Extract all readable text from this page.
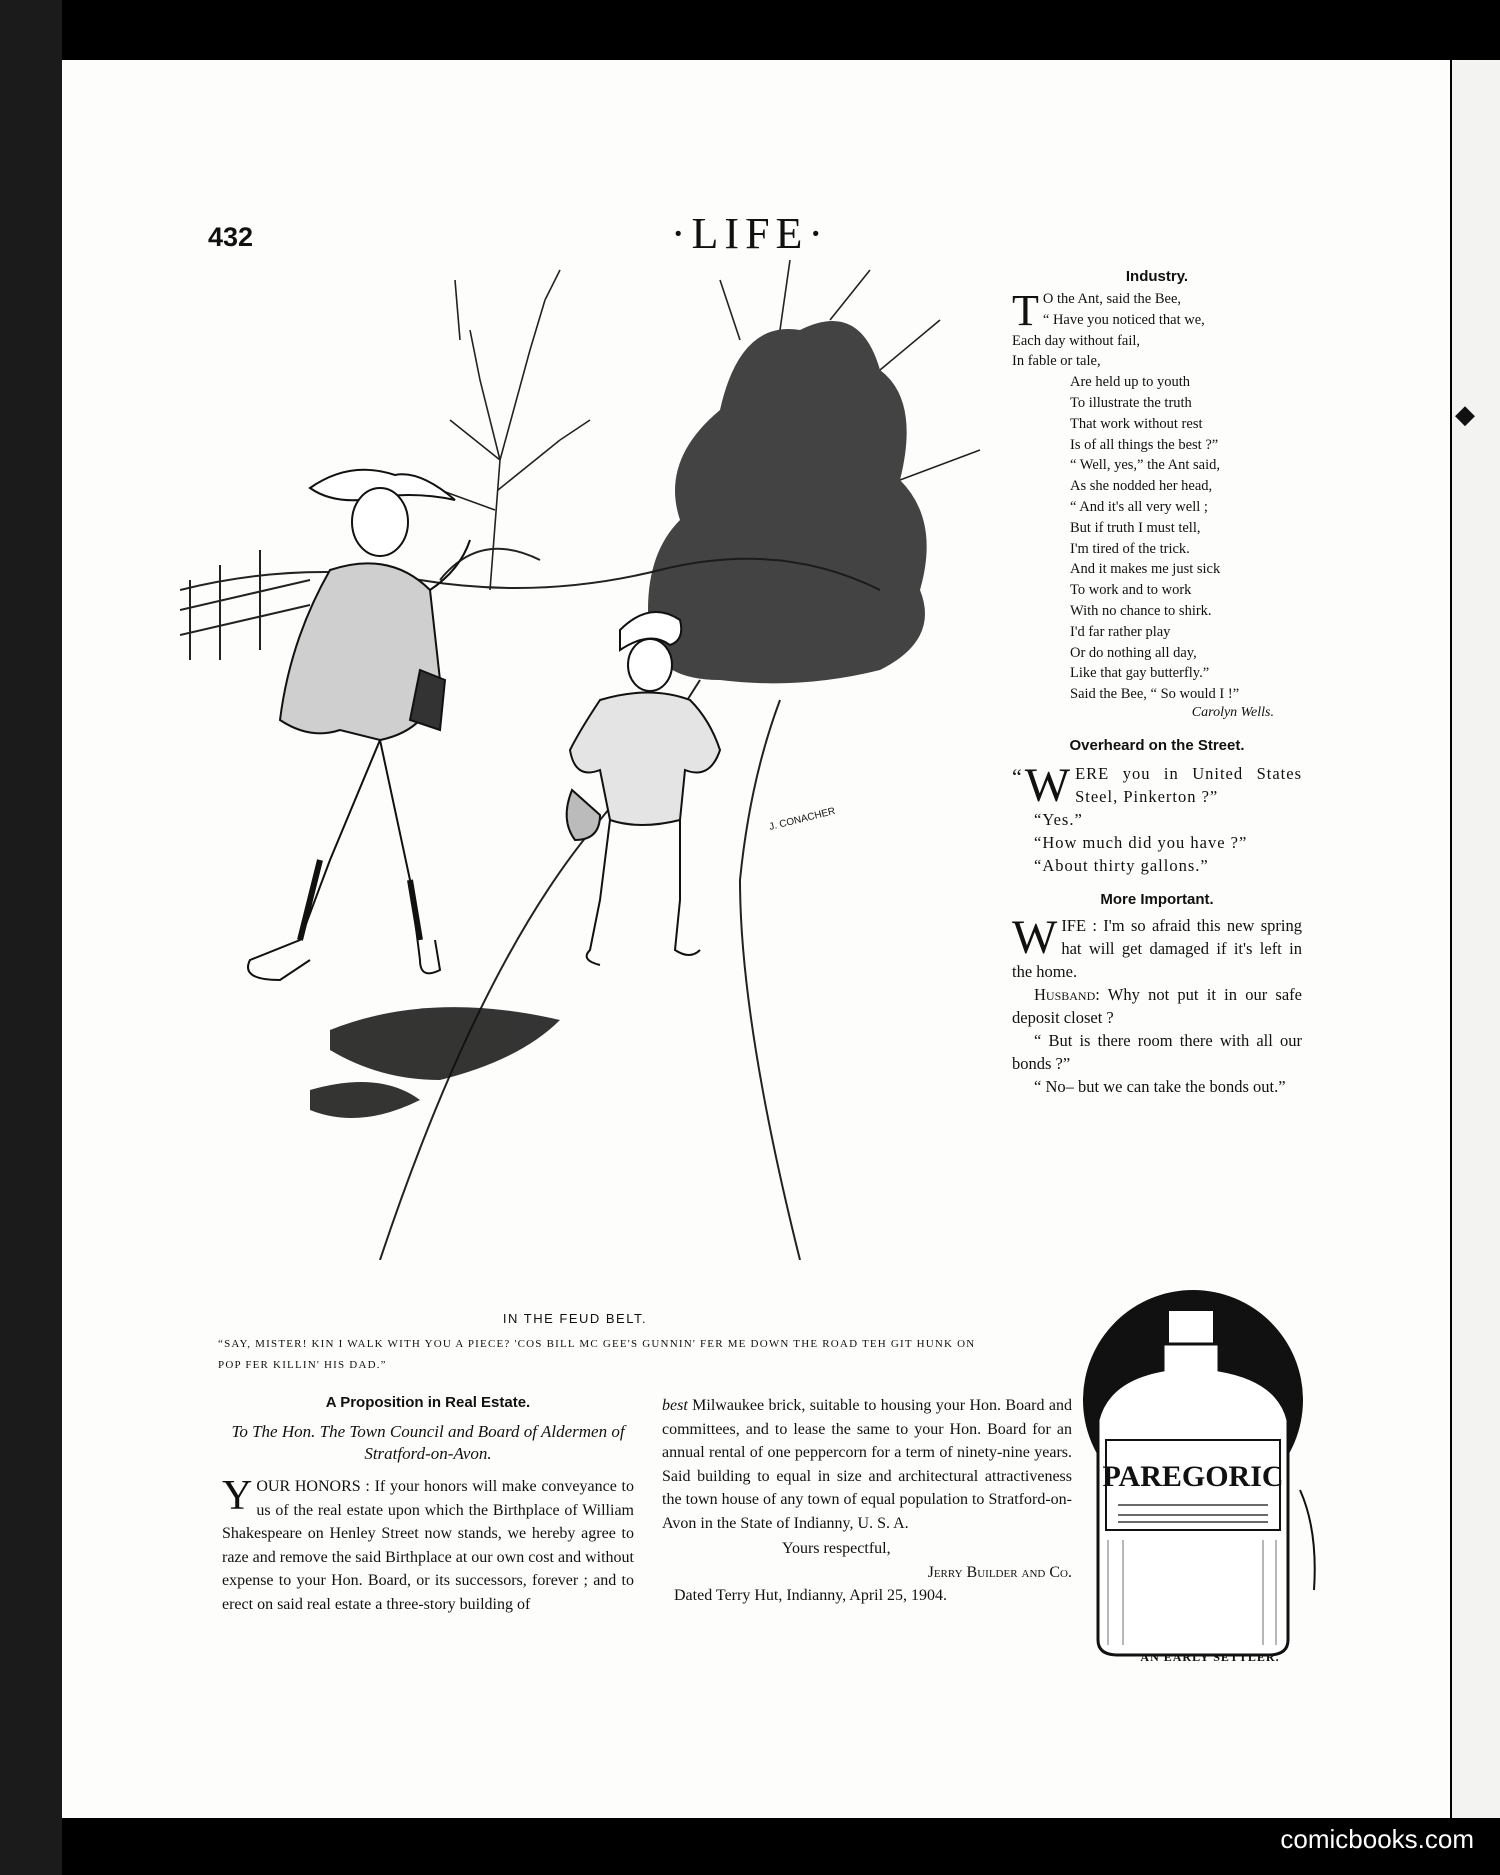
◆
432	·LIFE·
J. CONACHER
IN THE FEUD BELT.
“SAY, MISTER! KIN I WALK WITH YOU A PIECE? 'COS BILL MC GEE'S GUNNIN' FER ME DOWN THE ROAD TEH GIT HUNK ON POP FER KILLIN' HIS DAD.”
Industry.
T O the Ant, said the Bee,
“ Have you noticed that we,
Each day without fail,
In fable or tale,
Are held up to youth
To illustrate the truth
That work without rest
Is of all things the best ?”
“ Well, yes,” the Ant said,
As she nodded her head,
“ And it's all very well ;
But if truth I must tell,
I'm tired of the trick.
And it makes me just sick
To work and to work
With no chance to shirk.
I'd far rather play
Or do nothing all day,
Like that gay butterfly.”
Said the Bee, “ So would I !”
Carolyn Wells.
Overheard on the Street.

“ W ERE you in United States Steel, Pinkerton ?”

“Yes.”

“How much did you have ?”

“About thirty gallons.”

More Important.

W IFE : I'm so afraid this new spring hat will get damaged if it's left in the home.

Husband: Why not put it in our safe deposit closet ?

“ But is there room there with all our bonds ?”

“ No– but we can take the bonds out.”

A Proposition in Real Estate.
To The Hon. The Town Council and Board of Aldermen of Stratford-on-Avon.
Y OUR HONORS : If your honors will make conveyance to us of the real estate upon which the Birthplace of William Shakespeare on Henley Street now stands, we hereby agree to raze and remove the said Birthplace at our own cost and without expense to your Hon. Board, or its successors, forever ; and to erect on said real estate a three-story building of
best Milwaukee brick, suitable to housing your Hon. Board and committees, and to lease the same to your Hon. Board for an annual rental of one peppercorn for a term of ninety-nine years. Said building to equal in size and architectural attractiveness the town house of any town of equal population to Stratford-on-Avon in the State of Indianny, U. S. A.
Yours respectful,
Jerry Builder and Co.
Dated Terry Hut, Indianny, April 25, 1904.
PAREGORIC
AN EARLY SETTLER.
comicbooks.com
